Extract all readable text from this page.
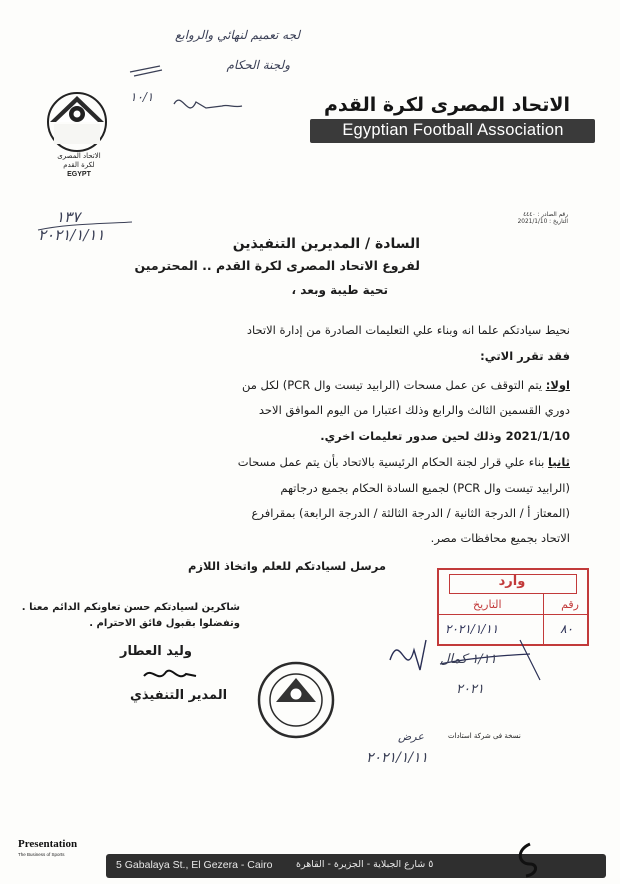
الاتحاد المصرى
لكرة القدم
EGYPT
الاتحاد المصرى لكرة القدم
Egyptian Football Association
لجه تعميم لنهائي والروابع
ولجنة الحكام
١٠/١
رقم الصادر : ٤٤٤٠
التاريخ : 2021/1/10
١٣٧
٢٠٢١/١/١١	السادة / المديرين التنفيذين
لفروع الاتحاد المصرى لكرة القدم .. المحترمين
تحية طيبة وبعد ،
نحيط سيادتكم علما انه وبناء علي التعليمات الصادرة من إدارة الاتحاد
فقد تقرر الاتي:
اولا: يتم التوقف عن عمل مسحات (الرابيد تيست وال PCR) لكل من
دوري القسمين الثالث والرابع وذلك اعتبارا من اليوم الموافق الاحد
2021/1/10 وذلك لحين صدور تعليمات اخري.
ثانيا بناء علي قرار لجنة الحكام الرئيسية بالاتحاد بأن يتم عمل مسحات
(الرابيد تيست وال PCR) لجميع السادة الحكام بجميع درجاتهم
(المعتاز أ / الدرجة الثانية / الدرجة الثالثة / الدرجة الرابعة) بمقرافرع
الاتحاد بجميع محافظات مصر.
مرسل لسيادتكم للعلم واتخاذ اللازم
شاكرين لسيادتكم حسن تعاونكم الدائم معنا .
وتفضلوا بقبول فائق الاحترام .
وارد
رقم
التاريخ
٨٠
٢٠٢١/١/١١
وليد العطار
المدير التنفيذي
١/١١ كمال
٢٠٢١
نسخة فى شركة استادات
عرض
٢٠٢١/١/١١
Presentation
The Business of Sports
5 Gabalaya St., El Gezera - Cairo ٥ شارع الجبلاية - الجزيرة - القاهرة
